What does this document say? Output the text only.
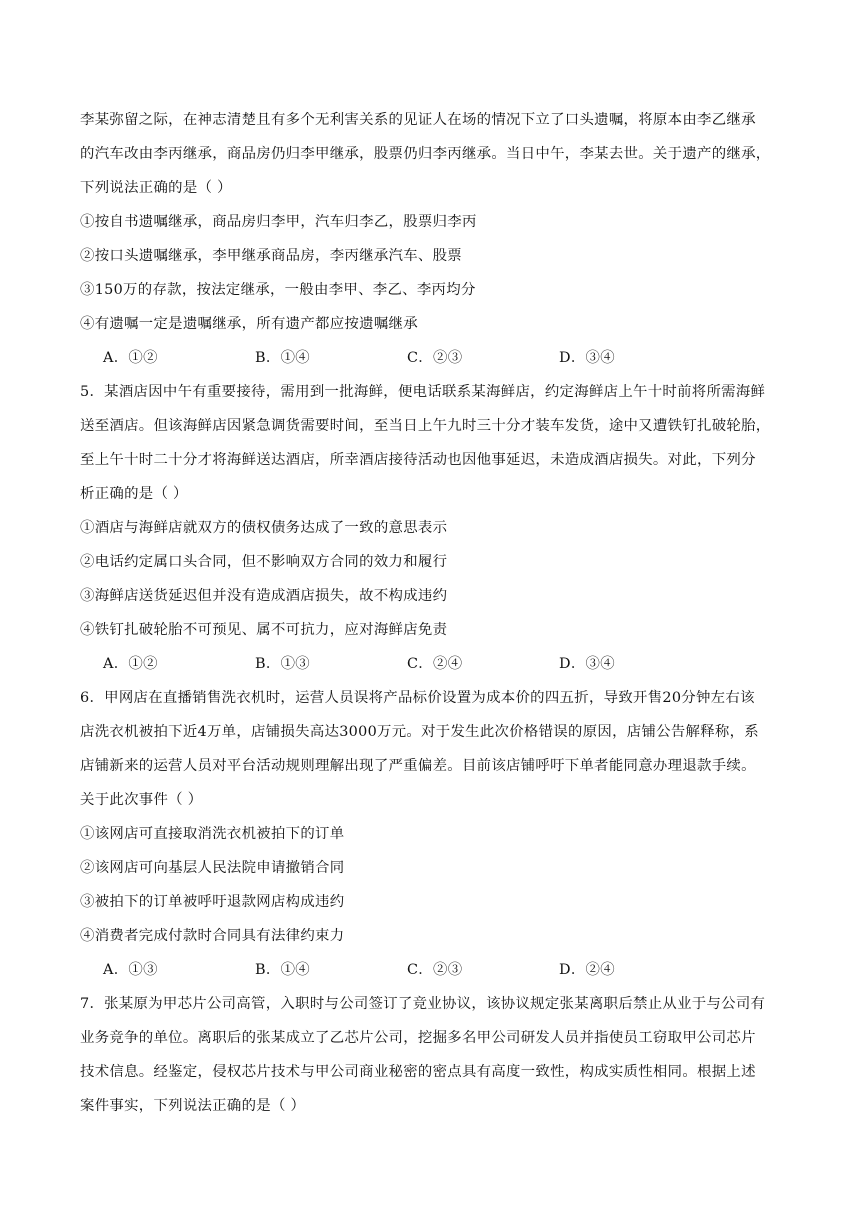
李某弥留之际，在神志清楚且有多个无利害关系的见证人在场的情况下立了口头遗嘱，将原本由李乙继承
的汽车改由李丙继承，商品房仍归李甲继承，股票仍归李丙继承。当日中午，李某去世。关于遗产的继承，
下列说法正确的是（ ）
①按自书遗嘱继承，商品房归李甲，汽车归李乙，股票归李丙
②按口头遗嘱继承，李甲继承商品房，李丙继承汽车、股票
③150万的存款，按法定继承，一般由李甲、李乙、李丙均分
④有遗嘱一定是遗嘱继承，所有遗产都应按遗嘱继承
A．①②	B．①④	C．②③	D．③④
5．某酒店因中午有重要接待，需用到一批海鲜，便电话联系某海鲜店，约定海鲜店上午十时前将所需海鲜
送至酒店。但该海鲜店因紧急调货需要时间，至当日上午九时三十分才装车发货，途中又遭铁钉扎破轮胎，
至上午十时二十分才将海鲜送达酒店，所幸酒店接待活动也因他事延迟，未造成酒店损失。对此，下列分
析正确的是（ ）
①酒店与海鲜店就双方的债权债务达成了一致的意思表示
②电话约定属口头合同，但不影响双方合同的效力和履行
③海鲜店送货延迟但并没有造成酒店损失，故不构成违约
④铁钉扎破轮胎不可预见、属不可抗力，应对海鲜店免责
A．①②	B．①③	C．②④	D．③④
6．甲网店在直播销售洗衣机时，运营人员误将产品标价设置为成本价的四五折，导致开售20分钟左右该
店洗衣机被拍下近4万单，店铺损失高达3000万元。对于发生此次价格错误的原因，店铺公告解释称，系
店铺新来的运营人员对平台活动规则理解出现了严重偏差。目前该店铺呼吁下单者能同意办理退款手续。
关于此次事件（ ）
①该网店可直接取消洗衣机被拍下的订单
②该网店可向基层人民法院申请撤销合同
③被拍下的订单被呼吁退款网店构成违约
④消费者完成付款时合同具有法律约束力
A．①③	B．①④	C．②③	D．②④
7．张某原为甲芯片公司高管，入职时与公司签订了竞业协议，该协议规定张某离职后禁止从业于与公司有
业务竞争的单位。离职后的张某成立了乙芯片公司，挖掘多名甲公司研发人员并指使员工窃取甲公司芯片
技术信息。经鉴定，侵权芯片技术与甲公司商业秘密的密点具有高度一致性，构成实质性相同。根据上述
案件事实，下列说法正确的是（ ）
